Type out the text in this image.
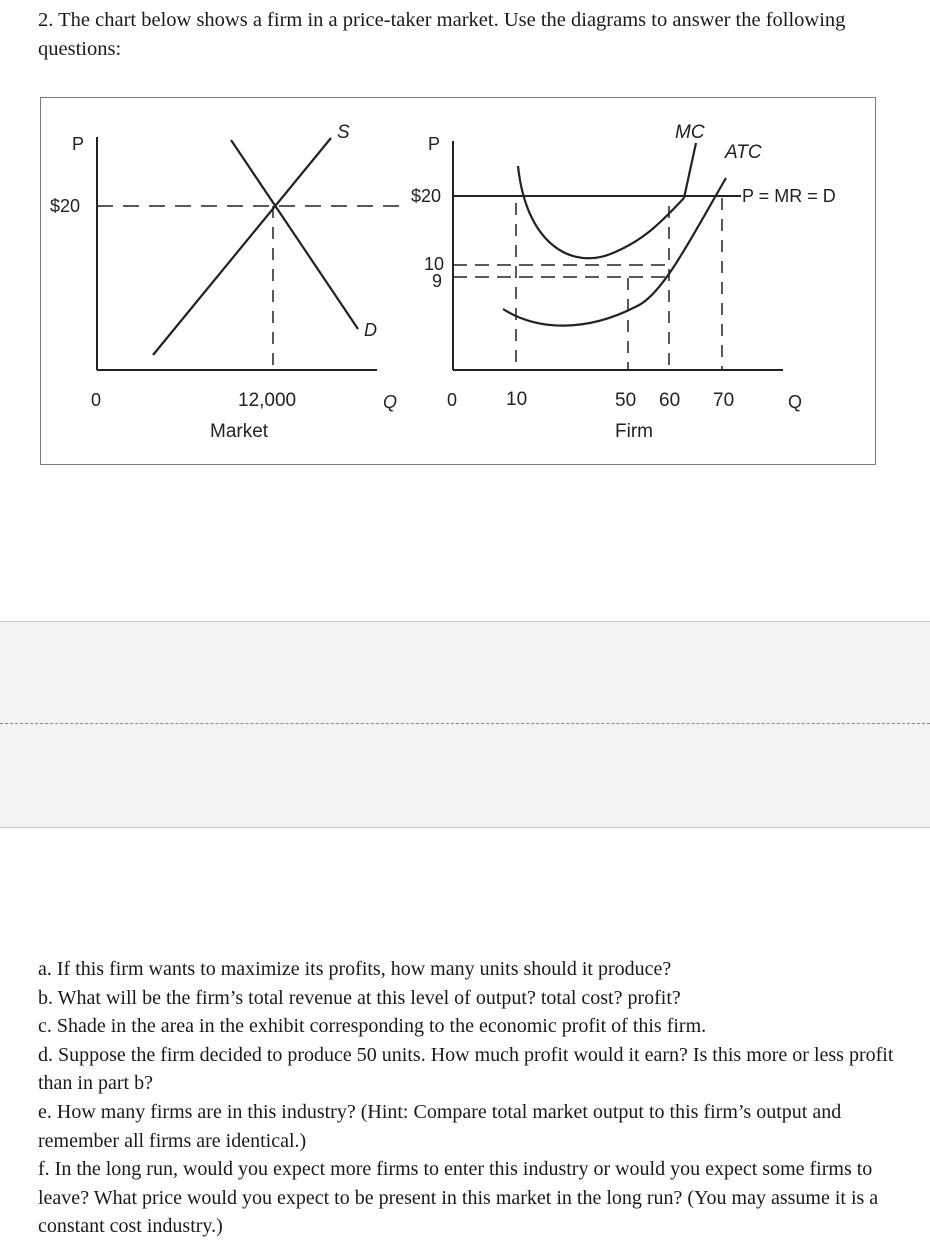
2. The chart below shows a firm in a price-taker market. Use the diagrams to answer the following questions:
P
$20
0	12,000	Q
Market
S
D
P
$20
10
9
0	10	50 60 70	Q
Firm
MC
ATC
P = MR = D

a. If this firm wants to maximize its profits, how many units should it produce?

b. What will be the firm’s total revenue at this level of output? total cost? profit?

c. Shade in the area in the exhibit corresponding to the economic profit of this firm.

d. Suppose the firm decided to produce 50 units. How much profit would it earn? Is this more or less profit than in part b?

e. How many firms are in this industry? (Hint: Compare total market output to this firm’s output and remember all firms are identical.)

f. In the long run, would you expect more firms to enter this industry or would you expect some firms to leave? What price would you expect to be present in this market in the long run? (You may assume it is a constant cost industry.)
